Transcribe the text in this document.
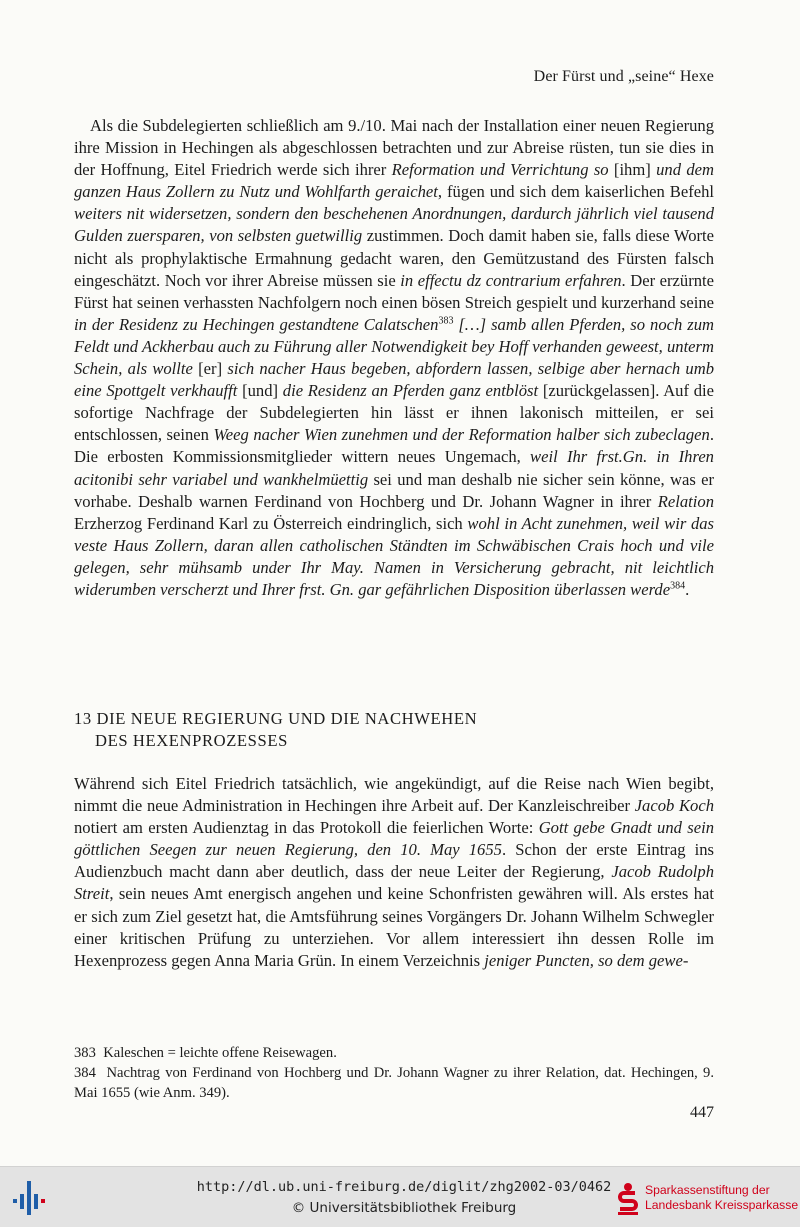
Der Fürst und „seine“ Hexe
Als die Subdelegierten schließlich am 9./10. Mai nach der Installation einer neuen Regierung ihre Mission in Hechingen als abgeschlossen betrachten und zur Abreise rüsten, tun sie dies in der Hoffnung, Eitel Friedrich werde sich ihrer Reformation und Verrichtung so [ihm] und dem ganzen Haus Zollern zu Nutz und Wohlfarth geraichet, fügen und sich dem kaiserlichen Befehl weiters nit widersetzen, sondern den beschehenen Anordnungen, dardurch jährlich viel tausend Gulden zuersparen, von selbsten guetwillig zustimmen. Doch damit haben sie, falls diese Worte nicht als prophylaktische Ermahnung gedacht waren, den Gemützustand des Fürsten falsch eingeschätzt. Noch vor ihrer Abreise müssen sie in effectu dz contrarium erfahren. Der erzürnte Fürst hat seinen verhassten Nachfolgern noch einen bösen Streich gespielt und kurzerhand seine in der Residenz zu Hechingen gestandtene Calatschen$^{383}$ […] samb allen Pferden, so noch zum Feldt und Ackherbau auch zu Führung aller Notwendigkeit bey Hoff verhanden geweest, unterm Schein, als wollte [er] sich nacher Haus begeben, abfordern lassen, selbige aber hernach umb eine Spottgelt verkhaufft [und] die Residenz an Pferden ganz entblöst [zurückgelassen]. Auf die sofortige Nachfrage der Subdelegierten hin lässt er ihnen lakonisch mitteilen, er sei entschlossen, seinen Weeg nacher Wien zunehmen und der Reformation halber sich zubeclagen. Die erbosten Kommissionsmitglieder wittern neues Ungemach, weil Ihr frst.Gn. in Ihren acitonibi sehr variabel und wankhelmüettig sei und man deshalb nie sicher sein könne, was er vorhabe. Deshalb warnen Ferdinand von Hochberg und Dr. Johann Wagner in ihrer Relation Erzherzog Ferdinand Karl zu Österreich eindringlich, sich wohl in Acht zunehmen, weil wir das veste Haus Zollern, daran allen catholischen Ständten im Schwäbischen Crais hoch und vile gelegen, sehr mühsamb under Ihr May. Namen in Versicherung gebracht, nit leichtlich widerumben verscherzt und Ihrer frst. Gn. gar gefährlichen Disposition überlassen werde$^{384}$.
13 DIE NEUE REGIERUNG UND DIE NACHWEHEN
DES HEXENPROZESSES
Während sich Eitel Friedrich tatsächlich, wie angekündigt, auf die Reise nach Wien begibt, nimmt die neue Administration in Hechingen ihre Arbeit auf. Der Kanzleischreiber Jacob Koch notiert am ersten Audienztag in das Protokoll die feierlichen Worte: Gott gebe Gnadt und sein göttlichen Seegen zur neuen Regierung, den 10. May 1655. Schon der erste Eintrag ins Audienzbuch macht dann aber deutlich, dass der neue Leiter der Regierung, Jacob Rudolph Streit, sein neues Amt energisch angehen und keine Schonfristen gewähren will. Als erstes hat er sich zum Ziel gesetzt hat, die Amtsführung seines Vorgängers Dr. Johann Wilhelm Schwegler einer kritischen Prüfung zu unterziehen. Vor allem interessiert ihn dessen Rolle im Hexenprozess gegen Anna Maria Grün. In einem Verzeichnis jeniger Puncten, so dem gewe-
383 Kaleschen = leichte offene Reisewagen.
384 Nachtrag von Ferdinand von Hochberg und Dr. Johann Wagner zu ihrer Relation, dat. Hechingen, 9. Mai 1655 (wie Anm. 349).
447
http://dl.ub.uni-freiburg.de/diglit/zhg2002-03/0462
© Universitätsbibliothek Freiburg
Sparkassenstiftung der
Landesbank Kreissparkasse
